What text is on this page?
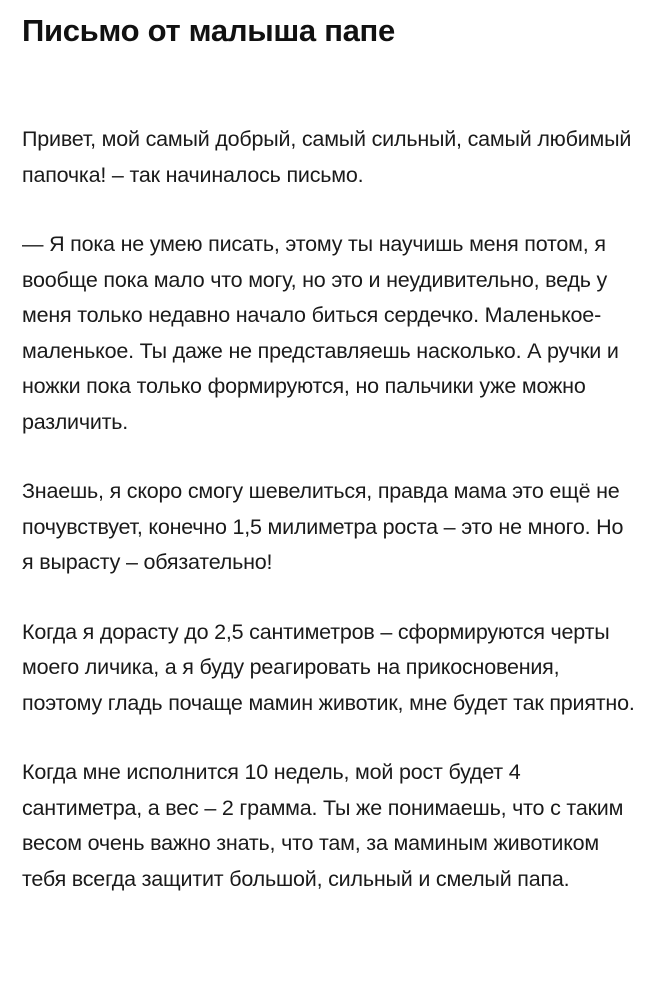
Письмо от малыша папе

Привет, мой самый добрый, самый сильный, самый любимый папочка! – так начиналось письмо.

— Я пока не умею писать, этому ты научишь меня потом, я вообще пока мало что могу, но это и неудивительно, ведь у меня только недавно начало биться сердечко. Маленькое-маленькое. Ты даже не представляешь насколько. А ручки и ножки пока только формируются, но пальчики уже можно различить.

Знаешь, я скоро смогу шевелиться, правда мама это ещё не почувствует, конечно 1,5 милиметра роста – это не много. Но я вырасту – обязательно!

Когда я дорасту до 2,5 сантиметров – сформируются черты моего личика, а я буду реагировать на прикосновения, поэтому гладь почаще мамин животик, мне будет так приятно.

Когда мне исполнится 10 недель, мой рост будет 4 сантиметра, а вес – 2 грамма. Ты же понимаешь, что с таким весом очень важно знать, что там, за маминым животиком тебя всегда защитит большой, сильный и смелый папа.
